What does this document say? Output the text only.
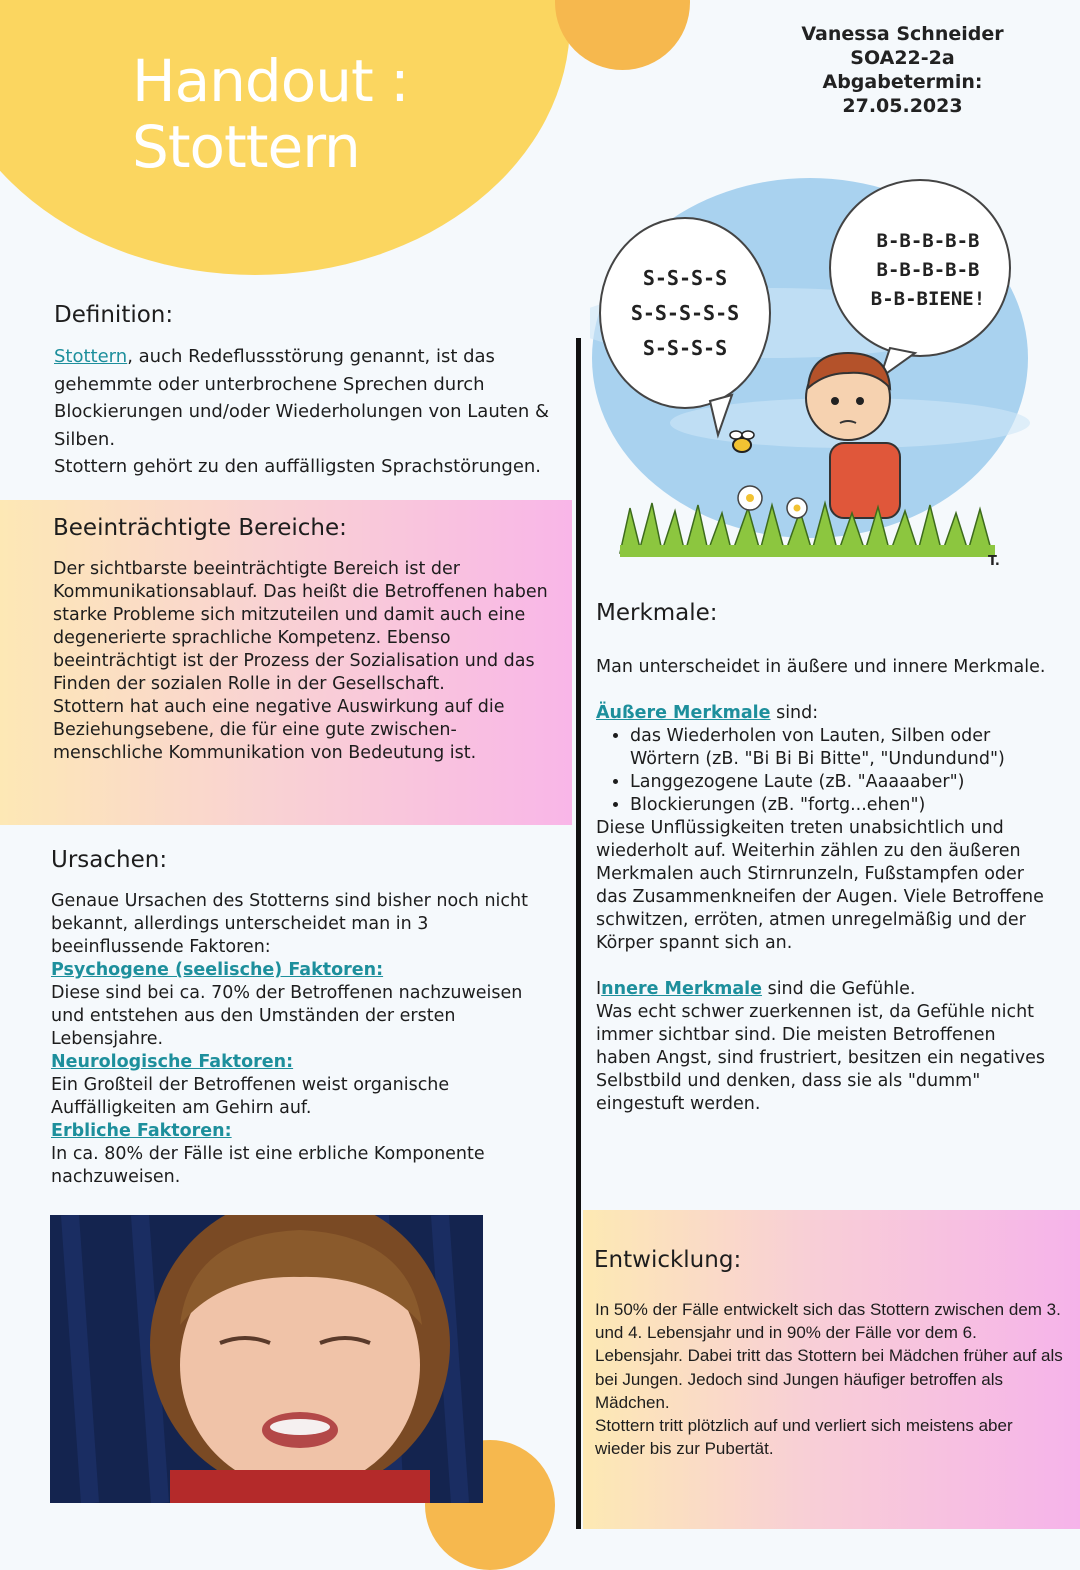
Handout :
Stottern
Vanessa Schneider
SOA22-2a
Abgabetermin:
27.05.2023
S-S-S-S
S-S-S-S-S
S-S-S-S
B-B-B-B-B
B-B-B-B-B
B-B-BIENE!
T.
Definition:
Stottern, auch Redeflussstörung genannt, ist das gehemmte oder unterbrochene Sprechen durch Blockierungen und/oder Wiederholungen von Lauten & Silben.
Stottern gehört zu den auffälligsten Sprachstörungen.
Beeinträchtigte Bereiche:
Der sichtbarste beeinträchtigte Bereich ist der Kommunikationsablauf. Das heißt die Betroffenen haben starke Probleme sich mitzuteilen und damit auch eine degenerierte sprachliche Kompetenz. Ebenso beeinträchtigt ist der Prozess der Sozialisation und das Finden der sozialen Rolle in der Gesellschaft.
Stottern hat auch eine negative Auswirkung auf die Beziehungsebene, die für eine gute zwischen-menschliche Kommunikation von Bedeutung ist.
Ursachen:
Genaue Ursachen des Stotterns sind bisher noch nicht bekannt, allerdings unterscheidet man in 3 beeinflussende Faktoren:
Psychogene (seelische) Faktoren:
Diese sind bei ca. 70% der Betroffenen nachzuweisen und entstehen aus den Umständen der ersten Lebensjahre.
Neurologische Faktoren:
Ein Großteil der Betroffenen weist organische Auffälligkeiten am Gehirn auf.
Erbliche Faktoren:
In ca. 80% der Fälle ist eine erbliche Komponente nachzuweisen.
Merkmale:
Man unterscheidet in äußere und innere Merkmale.
Äußere Merkmale sind:
• das Wiederholen von Lauten, Silben oder Wörtern (zB. "Bi Bi Bi Bitte", "Undundund")
• Langgezogene Laute (zB. "Aaaaaber")
• Blockierungen (zB. "fortg...ehen")
Diese Unflüssigkeiten treten unabsichtlich und wiederholt auf. Weiterhin zählen zu den äußeren Merkmalen auch Stirnrunzeln, Fußstampfen oder das Zusammenkneifen der Augen. Viele Betroffene schwitzen, erröten, atmen unregelmäßig und der Körper spannt sich an.
Innere Merkmale sind die Gefühle.
Was echt schwer zuerkennen ist, da Gefühle nicht immer sichtbar sind. Die meisten Betroffenen haben Angst, sind frustriert, besitzen ein negatives Selbstbild und denken, dass sie als "dumm" eingestuft werden.
Entwicklung:
In 50% der Fälle entwickelt sich das Stottern zwischen dem 3. und 4. Lebensjahr und in 90% der Fälle vor dem 6. Lebensjahr. Dabei tritt das Stottern bei Mädchen früher auf als bei Jungen. Jedoch sind Jungen häufiger betroffen als Mädchen.
Stottern tritt plötzlich auf und verliert sich meistens aber wieder bis zur Pubertät.
